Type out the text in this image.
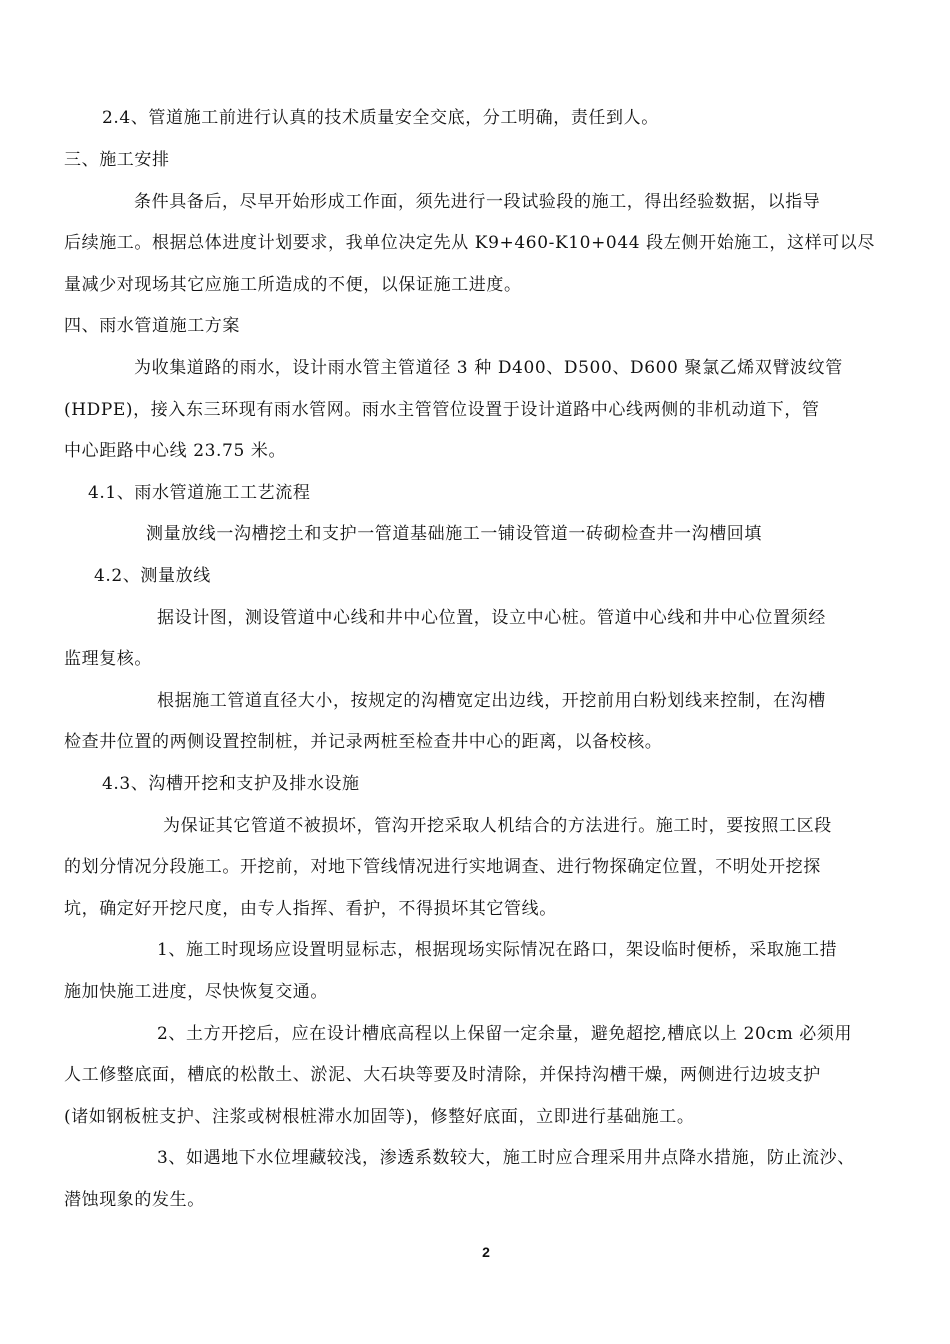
2.4、管道施工前进行认真的技术质量安全交底，分工明确，责任到人。
三、施工安排
条件具备后，尽早开始形成工作面，须先进行一段试验段的施工，得出经验数据，以指导
后续施工。根据总体进度计划要求，我单位决定先从 K9+460-K10+044 段左侧开始施工，这样可以尽
量减少对现场其它应施工所造成的不便，以保证施工进度。
四、雨水管道施工方案
为收集道路的雨水，设计雨水管主管道径 3 种 D400、D500、D600 聚氯乙烯双臂波纹管
(HDPE)，接入东三环现有雨水管网。雨水主管管位设置于设计道路中心线两侧的非机动道下，管
中心距路中心线 23.75 米。
4.1、雨水管道施工工艺流程
测量放线一沟槽挖土和支护一管道基础施工一铺设管道一砖砌检查井一沟槽回填
4.2、测量放线
据设计图，测设管道中心线和井中心位置，设立中心桩。管道中心线和井中心位置须经
监理复核。
根据施工管道直径大小，按规定的沟槽宽定出边线，开挖前用白粉划线来控制，在沟槽
检查井位置的两侧设置控制桩，并记录两桩至检查井中心的距离，以备校核。
4.3、沟槽开挖和支护及排水设施
为保证其它管道不被损坏，管沟开挖采取人机结合的方法进行。施工时，要按照工区段
的划分情况分段施工。开挖前，对地下管线情况进行实地调查、进行物探确定位置，不明处开挖探
坑，确定好开挖尺度，由专人指挥、看护，不得损坏其它管线。
1、施工时现场应设置明显标志，根据现场实际情况在路口，架设临时便桥，采取施工措
施加快施工进度，尽快恢复交通。
2、土方开挖后，应在设计槽底高程以上保留一定余量，避免超挖,槽底以上 20cm 必须用
人工修整底面，槽底的松散土、淤泥、大石块等要及时清除，并保持沟槽干燥，两侧进行边坡支护
(诸如钢板桩支护、注浆或树根桩滞水加固等)，修整好底面，立即进行基础施工。
3、如遇地下水位埋藏较浅，渗透系数较大，施工时应合理采用井点降水措施，防止流沙、
潜蚀现象的发生。
2
